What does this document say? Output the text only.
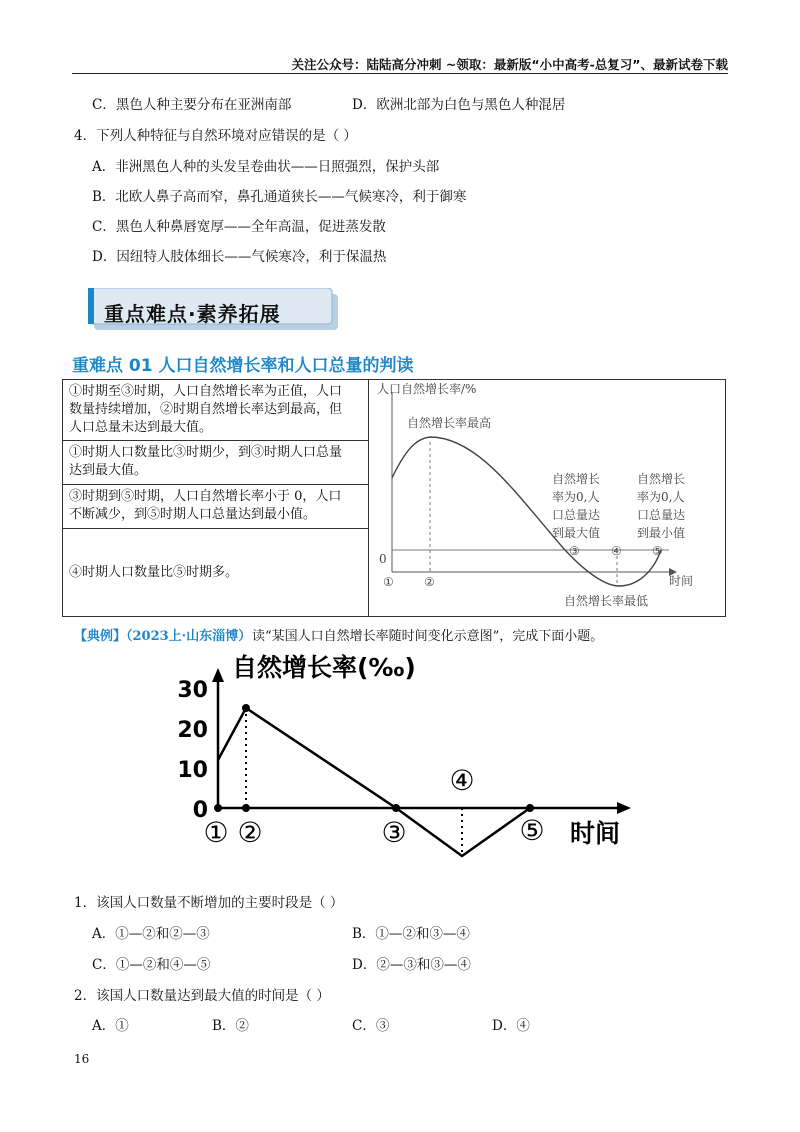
关注公众号：陆陆高分冲刺 ~领取：最新版“小中高考-总复习”、最新试卷下载
C．黑色人种主要分布在亚洲南部	D．欧洲北部为白色与黑色人种混居
4．下列人种特征与自然环境对应错误的是（ ）
A．非洲黑色人种的头发呈卷曲状——日照强烈，保护头部
B．北欧人鼻子高而窄，鼻孔通道狭长——气候寒冷，利于御寒
C．黑色人种鼻唇宽厚——全年高温，促进蒸发散
D．因纽特人肢体细长——气候寒冷，利于保温热
重点难点·素养拓展
重难点 01 人口自然增长率和人口总量的判读
①时期至③时期，人口自然增长率为正值，人口
数量持续增加，②时期自然增长率达到最高，但
人口总量未达到最大值。

人口自然增长率/%
自然增长率最高
自然增长率最低
0
时间
自然增长
率为0,人
口总量达
到最大值
自然增长
率为0,人
口总量达
到最小值
①	②
③	④	⑤

①时期人口数量比③时期少，到③时期人口总量
达到最大值。

③时期到⑤时期，人口自然增长率小于 0，人口
不断减少，到⑤时期人口总量达到最小值。

④时期人口数量比⑤时期多。
【典例】（2023上·山东淄博） 读“某国人口自然增长率随时间变化示意图”，完成下面小题。
0
10
20
30
自然增长率(‰)
① ②	③
④
⑤ 时间
1．该国人口数量不断增加的主要时段是（ ）
A．①—②和②—③	B．①—②和③—④
C．①—②和④—⑤	D．②—③和③—④
2．该国人口数量达到最大值的时间是（ ）
A．①	B．②	C．③	D．④
16
